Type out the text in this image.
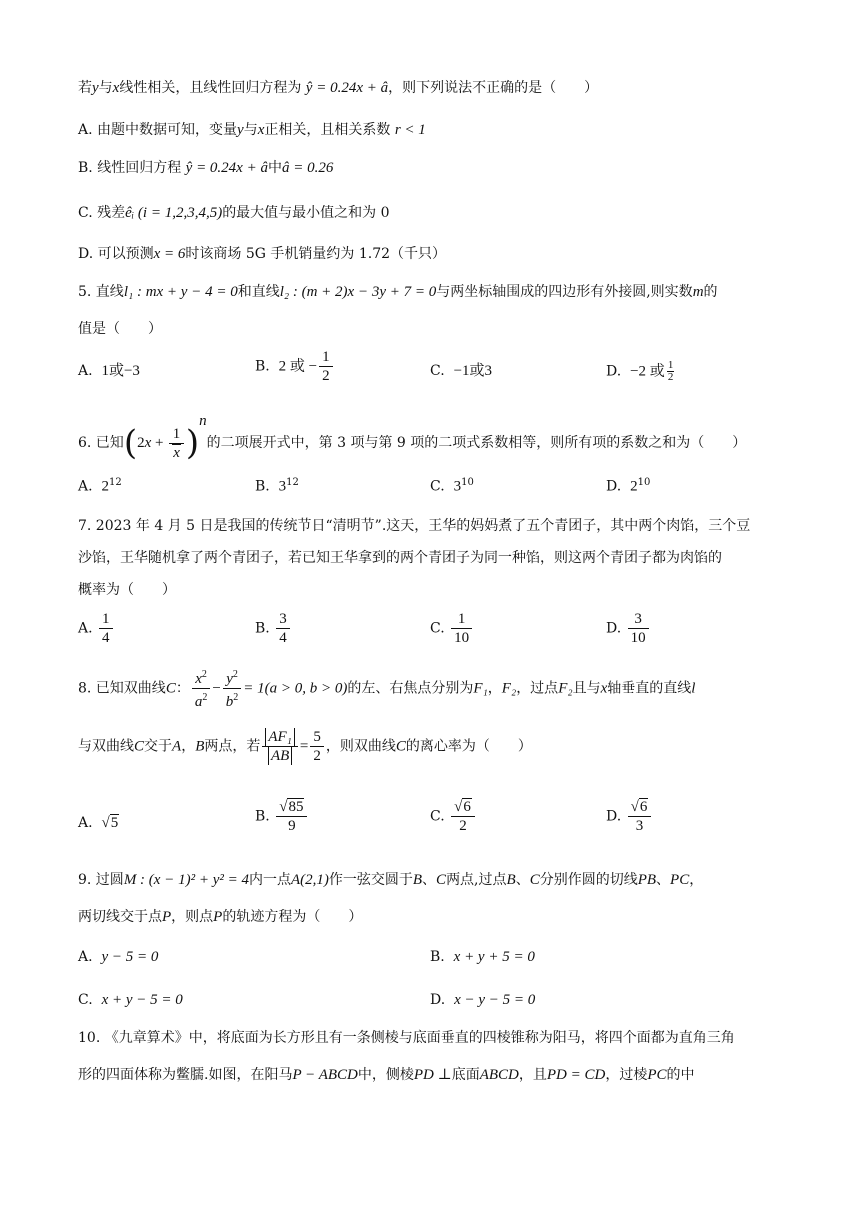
若y与x线性相关，且线性回归方程为 ŷ = 0.24x + â，则下列说法不正确的是（　　）
A. 由题中数据可知，变量y与x正相关，且相关系数 r < 1
B. 线性回归方程 ŷ = 0.24x + â中â = 0.26
C. 残差êᵢ (i = 1,2,3,4,5)的最大值与最小值之和为 0
D. 可以预测x = 6时该商场 5G 手机销量约为 1.72（千只）
5. 直线l₁ : mx + y − 4 = 0和直线l₂ : (m + 2)x − 3y + 7 = 0与两坐标轴围成的四边形有外接圆,则实数m的
值是（　　）
A. 1或−3	B. 2 或 − $\frac{1}{2}$	C. −1或3	D. −2 或 $\frac{1}{2}$
6. 已知$(2x + \frac{1}{x} )^n$的二项展开式中，第 3 项与第 9 项的二项式系数相等，则所有项的系数之和为（　　）
A. $2^{12}$	B. $3^{12}$	C. $3^{10}$	D. $2^{10}$
7. 2023 年 4 月 5 日是我国的传统节日“清明节”.这天，王华的妈妈煮了五个青团子，其中两个肉馅，三个豆
沙馅，王华随机拿了两个青团子，若已知王华拿到的两个青团子为同一种馅，则这两个青团子都为肉馅的
概率为（　　）
A. $\frac{1}{4}$	B. $\frac{3}{4}$	C. $\frac{1}{10}$	D. $\frac{3}{10}$
8. 已知双曲线C： $\frac{x^2}{a^2} - \frac{y^2}{b^2} = 1(a > 0$, b > 0)的左、右焦点分别为F₁，F₂，过点F₂且与x轴垂直的直线l
与双曲线C交于A，B两点，若 $\frac{\text{AF₁}}{AB} = \frac{5}{2}$ ，则双曲线C的离心率为（　　）
A. √5	B. $\frac{√85}{9}$	C. $\frac{√6}{2}$	D. $\frac{√6}{3}$
9. 过圆M : (x − 1)² + y² = 4内一点A(2,1)作一弦交圆于B、C两点,过点B、C分别作圆的切线PB、PC，
两切线交于点P，则点P的轨迹方程为（　　）
A. y − 5 = 0	B. x + y + 5 = 0
C. x + y − 5 = 0	D. x − y − 5 = 0
10. 《九章算术》中，将底面为长方形且有一条侧棱与底面垂直的四棱锥称为阳马，将四个面都为直角三角
形的四面体称为鳖臑.如图，在阳马P − ABCD中，侧棱PD ⊥底面ABCD，且PD = CD，过棱PC的中
